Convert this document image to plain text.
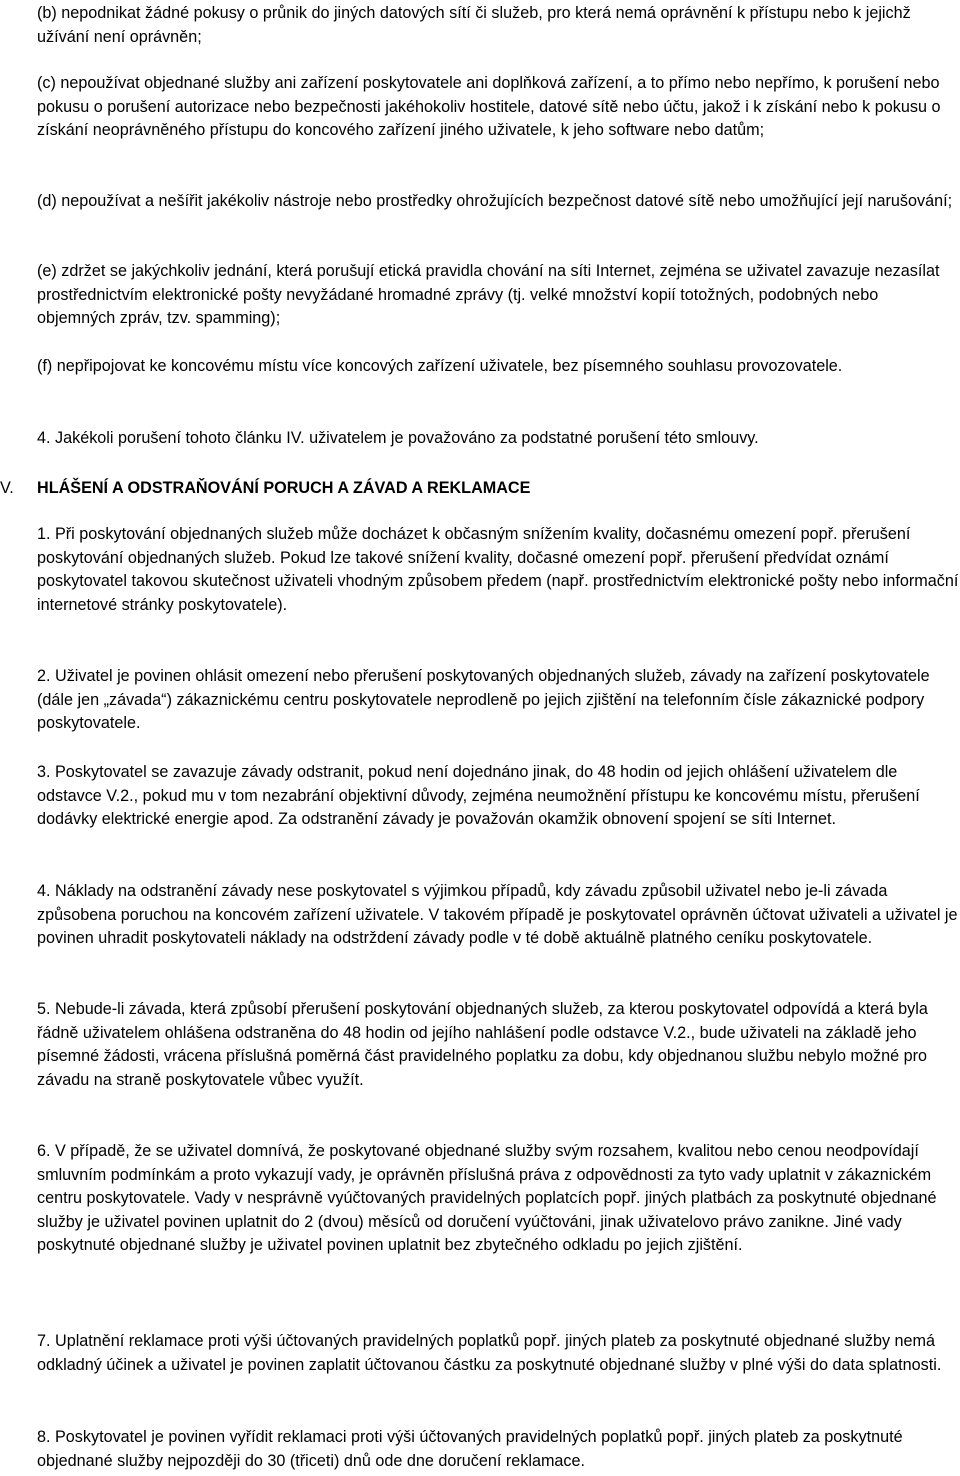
(b) nepodnikat žádné pokusy o průnik do jiných datových sítí či služeb, pro která nemá oprávnění k přístupu nebo k jejichž užívání není oprávněn;

(c) nepoužívat objednané služby ani zařízení poskytovatele ani doplňková zařízení, a to přímo nebo nepřímo, k porušení nebo pokusu o porušení autorizace nebo bezpečnosti jakéhokoliv hostitele, datové sítě nebo účtu, jakož i k získání nebo k pokusu o získání neoprávněného přístupu do koncového zařízení jiného uživatele, k jeho software nebo datům;

(d) nepoužívat a nešířit jakékoliv nástroje nebo prostředky ohrožujících bezpečnost datové sítě nebo umožňující její narušování;

(e) zdržet se jakýchkoliv jednání, která porušují etická pravidla chování na síti Internet, zejména se uživatel zavazuje nezasílat prostřednictvím elektronické pošty nevyžádané hromadné zprávy (tj. velké množství kopií totožných, podobných nebo objemných zpráv, tzv. spamming);

(f) nepřipojovat ke koncovému místu více koncových zařízení uživatele, bez písemného souhlasu provozovatele.

4. Jakékoli porušení tohoto článku IV. uživatelem je považováno za podstatné porušení této smlouvy.

V. HLÁŠENÍ A ODSTRAŇOVÁNÍ PORUCH A ZÁVAD A REKLAMACE

1. Při poskytování objednaných služeb může docházet k občasným snížením kvality, dočasnému omezení popř. přerušení poskytování objednaných služeb. Pokud lze takové snížení kvality, dočasné omezení popř. přerušení předvídat oznámí poskytovatel takovou skutečnost uživateli vhodným způsobem předem (např. prostřednictvím elektronické pošty nebo informační internetové stránky poskytovatele).

2. Uživatel je povinen ohlásit omezení nebo přerušení poskytovaných objednaných služeb, závady na zařízení poskytovatele (dále jen „závada“) zákaznickému centru poskytovatele neprodleně po jejich zjištění na telefonním čísle zákaznické podpory poskytovatele.

3. Poskytovatel se zavazuje závady odstranit, pokud není dojednáno jinak, do 48 hodin od jejich ohlášení uživatelem dle odstavce V.2., pokud mu v tom nezabrání objektivní důvody, zejména neumožnění přístupu ke koncovému místu, přerušení dodávky elektrické energie apod. Za odstranění závady je považován okamžik obnovení spojení se síti Internet.

4. Náklady na odstranění závady nese poskytovatel s výjimkou případů, kdy závadu způsobil uživatel nebo je-li závada způsobena poruchou na koncovém zařízení uživatele. V takovém případě je poskytovatel oprávněn účtovat uživateli a uživatel je povinen uhradit poskytovateli náklady na odstrždení závady podle v té době aktuálně platného ceníku poskytovatele.

5. Nebude-li závada, která způsobí přerušení poskytování objednaných služeb, za kterou poskytovatel odpovídá a která byla řádně uživatelem ohlášena odstraněna do 48 hodin od jejího nahlášení podle odstavce V.2., bude uživateli na základě jeho písemné žádosti, vrácena příslušná poměrná část pravidelného poplatku za dobu, kdy objednanou službu nebylo možné pro závadu na straně poskytovatele vůbec využít.

6. V případě, že se uživatel domnívá, že poskytované objednané služby svým rozsahem, kvalitou nebo cenou neodpovídají smluvním podmínkám a proto vykazují vady, je oprávněn příslušná práva z odpovědnosti za tyto vady uplatnit v zákaznickém centru poskytovatele. Vady v nesprávně vyúčtovaných pravidelných poplatcích popř. jiných platbách za poskytnuté objednané služby je uživatel povinen uplatnit do 2 (dvou) měsíců od doručení vyúčtováni, jinak uživatelovo právo zanikne. Jiné vady poskytnuté objednané služby je uživatel povinen uplatnit bez zbytečného odkladu po jejich zjištění.

7. Uplatnění reklamace proti výši účtovaných pravidelných poplatků popř. jiných plateb za poskytnuté objednané služby nemá odkladný účinek a uživatel je povinen zaplatit účtovanou částku za poskytnuté objednané služby v plné výši do data splatnosti.

8. Poskytovatel je povinen vyřídit reklamaci proti výši účtovaných pravidelných poplatků popř. jiných plateb za poskytnuté objednané služby nejpozději do 30 (třiceti) dnů ode dne doručení reklamace.
